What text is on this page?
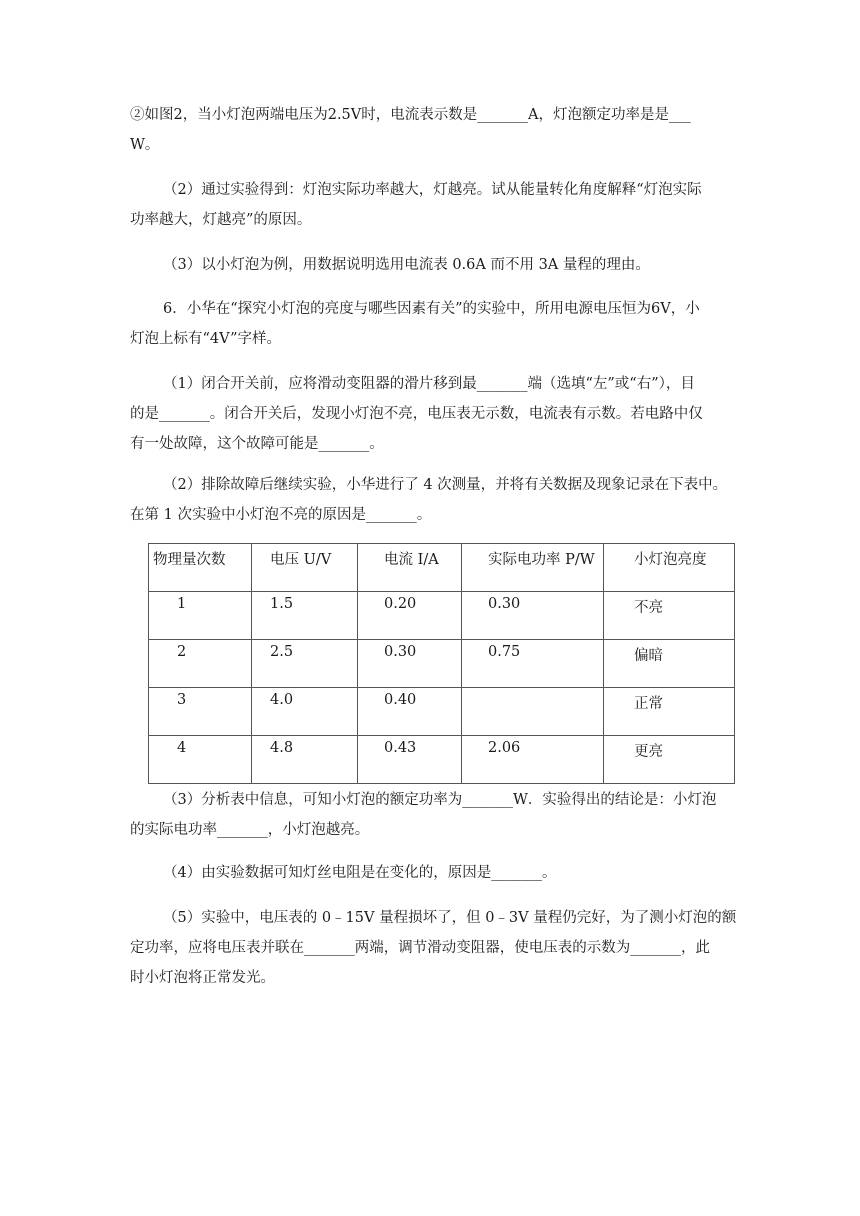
②如图2，当小灯泡两端电压为2.5V时，电流表示数是_______A，灯泡额定功率是是___
W。
（2）通过实验得到：灯泡实际功率越大，灯越亮。试从能量转化角度解释“灯泡实际
功率越大，灯越亮”的原因。
（3）以小灯泡为例，用数据说明选用电流表 0.6A 而不用 3A 量程的理由。
6．小华在“探究小灯泡的亮度与哪些因素有关”的实验中，所用电源电压恒为6V，小
灯泡上标有“4V”字样。
（1）闭合开关前，应将滑动变阻器的滑片移到最_______端（选填“左”或“右”），目
的是_______。闭合开关后，发现小灯泡不亮，电压表无示数，电流表有示数。若电路中仅
有一处故障，这个故障可能是_______。
（2）排除故障后继续实验，小华进行了 4 次测量，并将有关数据及现象记录在下表中。
在第 1 次实验中小灯泡不亮的原因是_______。
物理量次数	电压 U/V	电流 I/A	实际电功率 P/W	小灯泡亮度
1	1.5	0.20	0.30	不亮
2	2.5	0.30	0.75	偏暗
3	4.0	0.40		正常
4	4.8	0.43	2.06	更亮
（3）分析表中信息，可知小灯泡的额定功率为_______W．实验得出的结论是：小灯泡
的实际电功率_______，小灯泡越亮。
（4）由实验数据可知灯丝电阻是在变化的，原因是_______。
（5）实验中，电压表的 0﹣15V 量程损坏了，但 0﹣3V 量程仍完好，为了测小灯泡的额
定功率，应将电压表并联在_______两端，调节滑动变阻器，使电压表的示数为_______，此
时小灯泡将正常发光。
